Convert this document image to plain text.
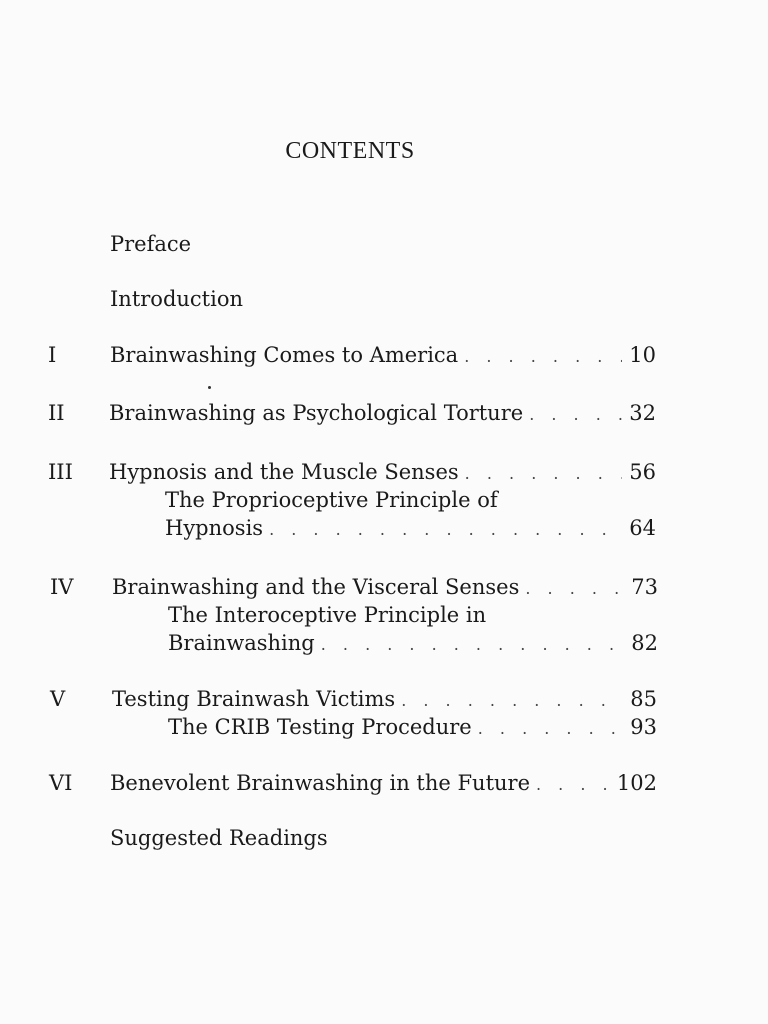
CONTENTS
Preface
Introduction
I	Brainwashing Comes to America . . .	10
II Brainwashing as Psychological Torture . . .	32
III Hypnosis and the Muscle Senses . . .	56
The Proprioceptive Principle of
Hypnosis . . .	64
IV Brainwashing and the Visceral Senses . . .	73
The Interoceptive Principle in
Brainwashing . . .	82
V Testing Brainwash Victims . . .	85
The CRIB Testing Procedure . . .	93
VI Benevolent Brainwashing in the Future . . .	102
Suggested Readings
